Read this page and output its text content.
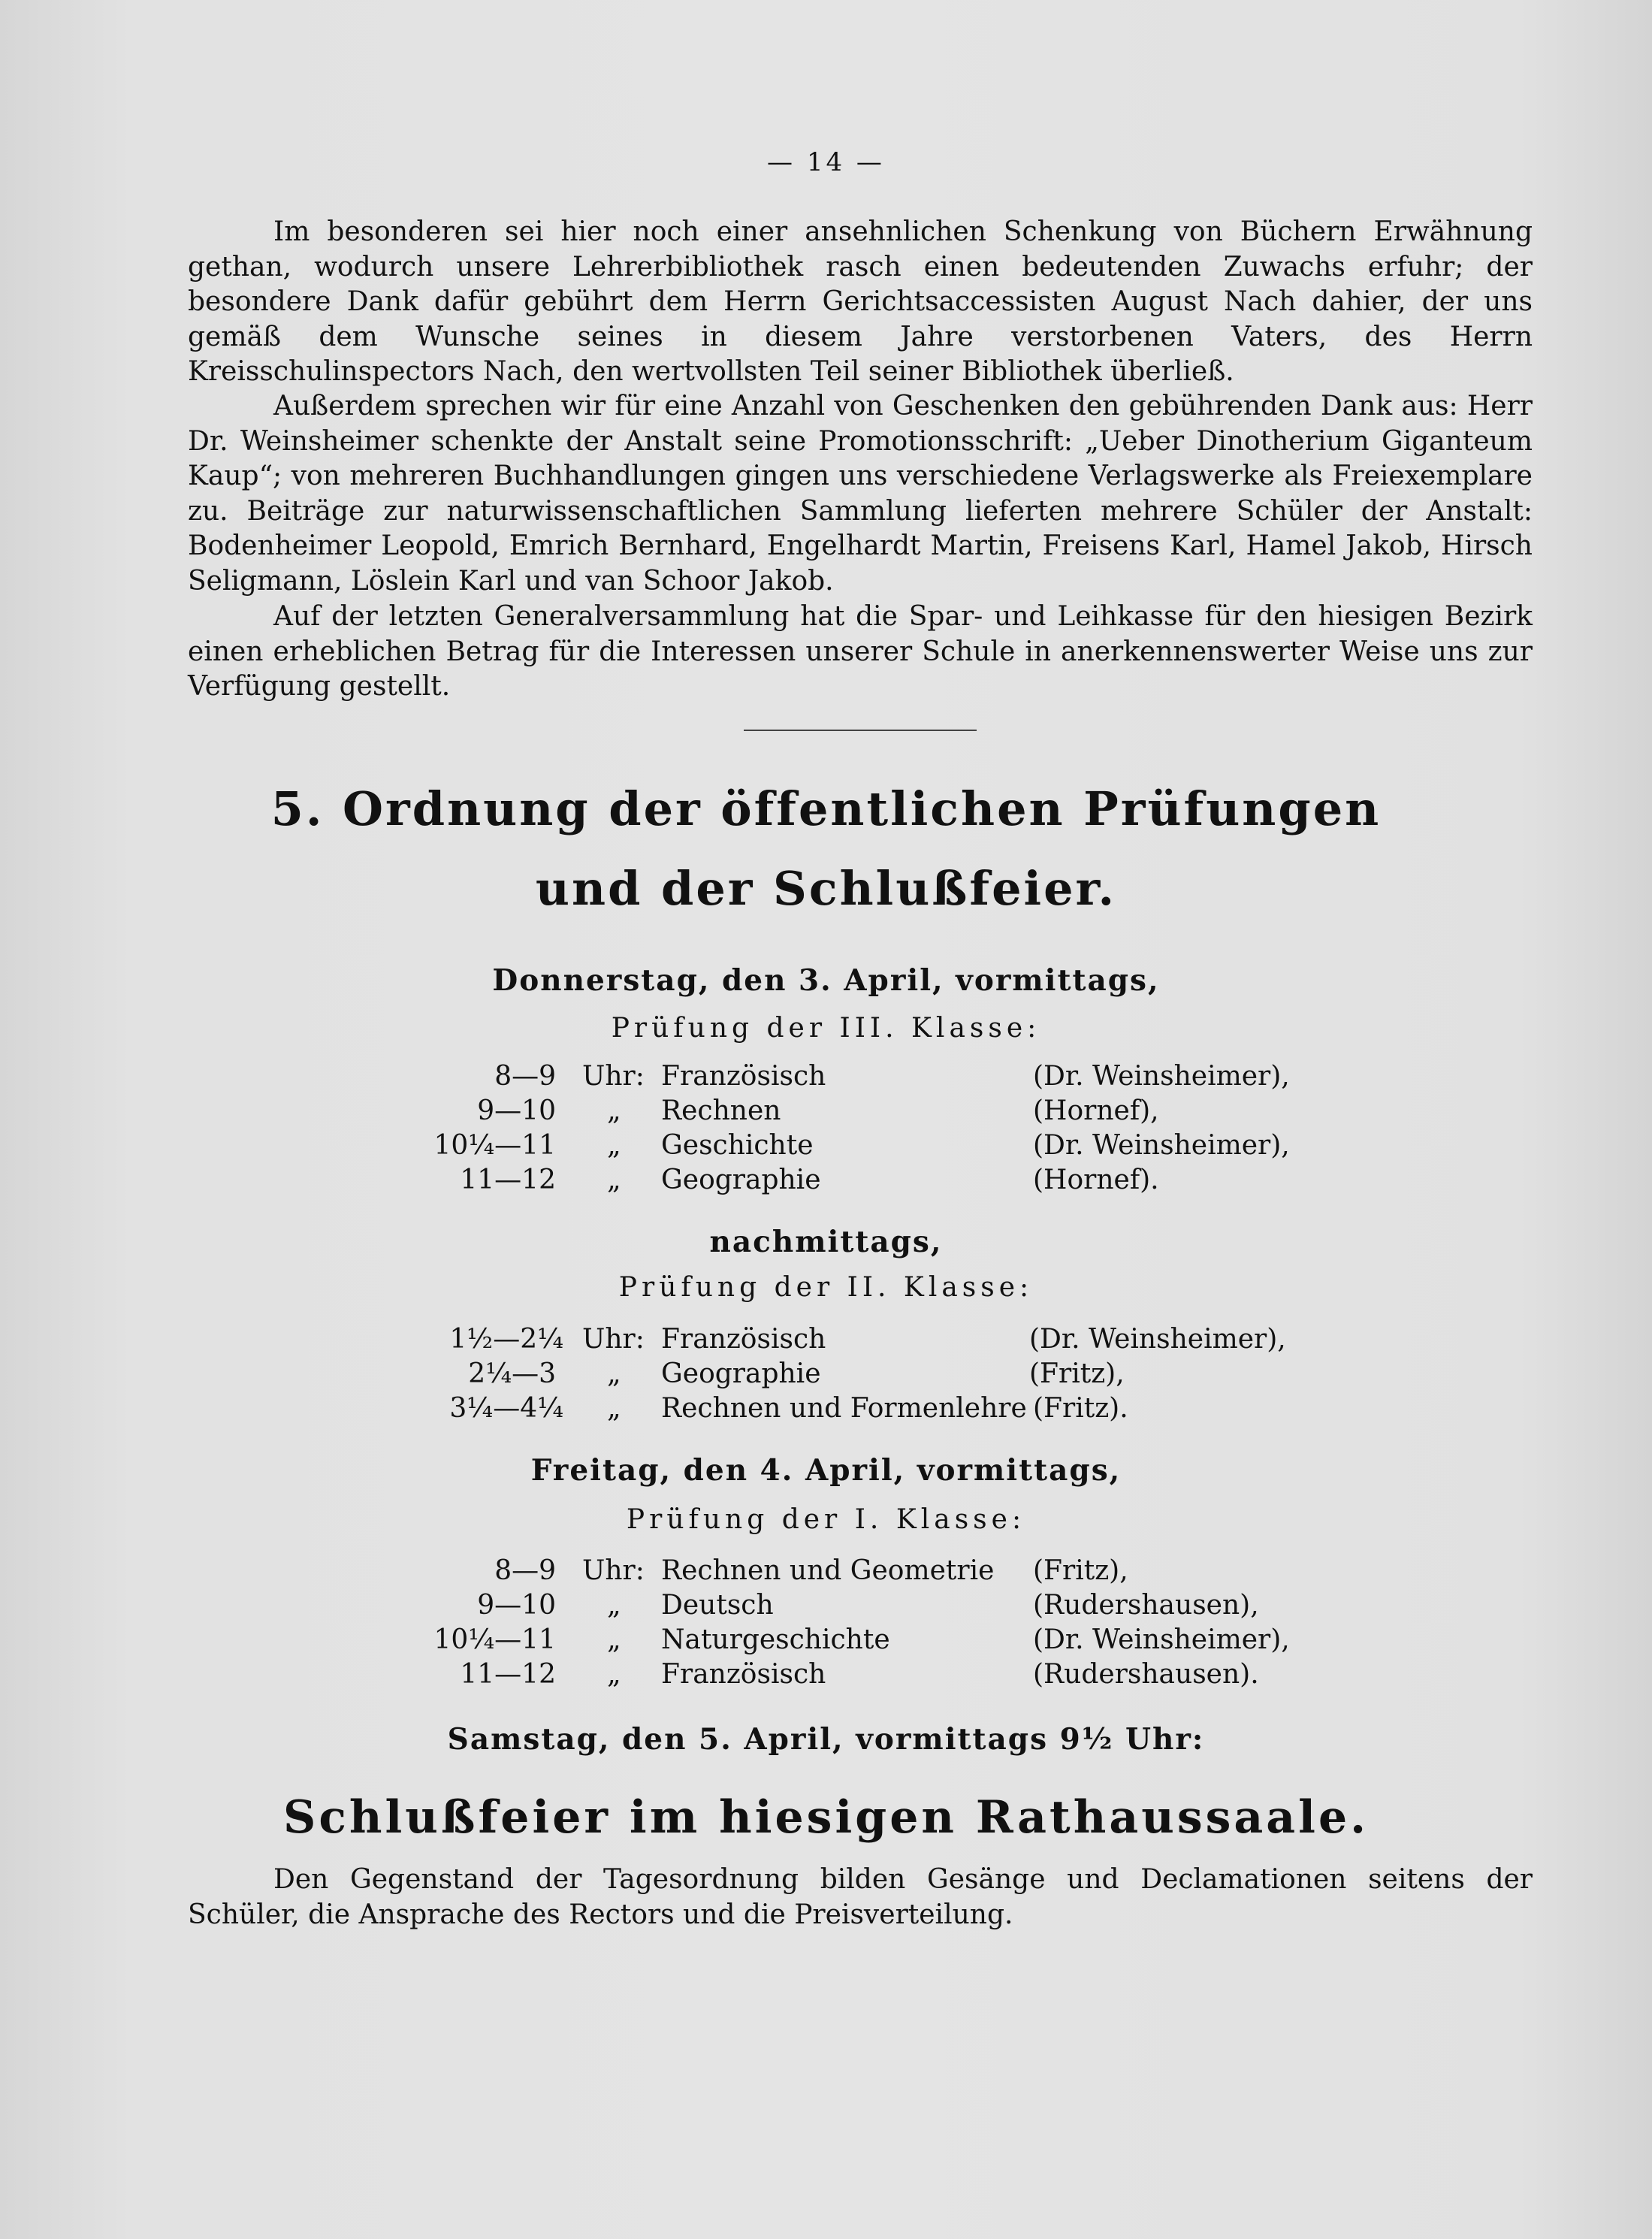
— 14 —

Im besonderen sei hier noch einer ansehnlichen Schenkung von Büchern Erwähnung gethan, wodurch unsere Lehrerbibliothek rasch einen bedeutenden Zuwachs erfuhr; der besondere Dank dafür gebührt dem Herrn Gerichtsaccessisten August Nach dahier, der uns gemäß dem Wunsche seines in diesem Jahre verstorbenen Vaters, des Herrn Kreisschulinspectors Nach, den wertvollsten Teil seiner Bibliothek überließ.

Außerdem sprechen wir für eine Anzahl von Geschenken den gebührenden Dank aus: Herr Dr. Weinsheimer schenkte der Anstalt seine Promotionsschrift: „Ueber Dinotherium Giganteum Kaup“; von mehreren Buchhandlungen gingen uns verschiedene Verlagswerke als Freiexemplare zu. Beiträge zur naturwissenschaftlichen Sammlung lieferten mehrere Schüler der Anstalt: Bodenheimer Leopold, Emrich Bernhard, Engelhardt Martin, Freisens Karl, Hamel Jakob, Hirsch Seligmann, Löslein Karl und van Schoor Jakob.

Auf der letzten Generalversammlung hat die Spar- und Leihkasse für den hiesigen Bezirk einen erheblichen Betrag für die Interessen unserer Schule in anerkennenswerter Weise uns zur Verfügung gestellt.

5. Ordnung der öffentlichen Prüfungen
und der Schlußfeier.
Donnerstag, den 3. April, vormittags,
Prüfung der III. Klasse:
8—9 Uhr: Französisch	(Dr. Weinsheimer),
9—10 „ Rechnen	(Hornef),
10¼—11 „ Geschichte	(Dr. Weinsheimer),
11—12 „ Geographie	(Hornef).
nachmittags,
Prüfung der II. Klasse:
1½—2¼ Uhr: Französisch	(Dr. Weinsheimer),
2¼—3 „ Geographie	(Fritz),
3¼—4¼ „ Rechnen und Formenlehre (Fritz).
Freitag, den 4. April, vormittags,
Prüfung der I. Klasse:
8—9 Uhr: Rechnen und Geometrie (Fritz),
9—10 „ Deutsch	(Rudershausen),
10¼—11 „ Naturgeschichte	(Dr. Weinsheimer),
11—12 „ Französisch	(Rudershausen).
Samstag, den 5. April, vormittags 9½ Uhr:
Schlußfeier im hiesigen Rathaussaale.

Den Gegenstand der Tagesordnung bilden Gesänge und Declamationen seitens der Schüler, die Ansprache des Rectors und die Preisverteilung.
